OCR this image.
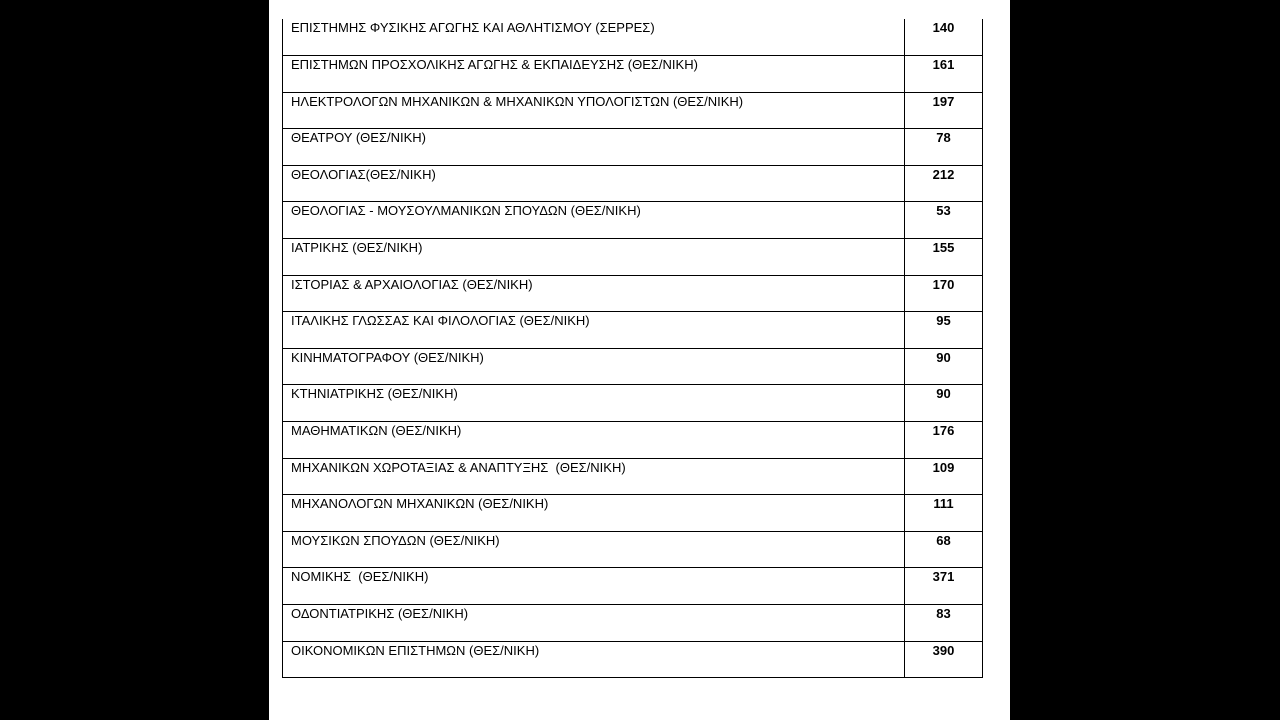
ΕΠΙΣΤΗΜΗΣ ΦΥΣΙΚΗΣ ΑΓΩΓΗΣ ΚΑΙ ΑΘΛΗΤΙΣΜΟΥ (ΣΕΡΡΕΣ)	140
ΕΠΙΣΤΗΜΩΝ ΠΡΟΣΧΟΛΙΚΗΣ ΑΓΩΓΗΣ & ΕΚΠΑΙΔΕΥΣΗΣ (ΘΕΣ/ΝΙΚΗ)	161
ΗΛΕΚΤΡΟΛΟΓΩΝ ΜΗΧΑΝΙΚΩΝ & ΜΗΧΑΝΙΚΩΝ ΥΠΟΛΟΓΙΣΤΩΝ (ΘΕΣ/ΝΙΚΗ)	197
ΘΕΑΤΡΟΥ (ΘΕΣ/ΝΙΚΗ)	78
ΘΕΟΛΟΓΙΑΣ(ΘΕΣ/ΝΙΚΗ)	212
ΘΕΟΛΟΓΙΑΣ - ΜΟΥΣΟΥΛΜΑΝΙΚΩΝ ΣΠΟΥΔΩΝ (ΘΕΣ/ΝΙΚΗ)	53
ΙΑΤΡΙΚΗΣ (ΘΕΣ/ΝΙΚΗ)	155
ΙΣΤΟΡΙΑΣ & ΑΡΧΑΙΟΛΟΓΙΑΣ (ΘΕΣ/ΝΙΚΗ)	170
ΙΤΑΛΙΚΗΣ ΓΛΩΣΣΑΣ ΚΑΙ ΦΙΛΟΛΟΓΙΑΣ (ΘΕΣ/ΝΙΚΗ)	95
ΚΙΝΗΜΑΤΟΓΡΑΦΟΥ (ΘΕΣ/ΝΙΚΗ)	90
ΚΤΗΝΙΑΤΡΙΚΗΣ (ΘΕΣ/ΝΙΚΗ)	90
ΜΑΘΗΜΑΤΙΚΩΝ (ΘΕΣ/ΝΙΚΗ)	176
ΜΗΧΑΝΙΚΩΝ ΧΩΡΟΤΑΞΙΑΣ & ΑΝΑΠΤΥΞΗΣ  (ΘΕΣ/ΝΙΚΗ)	109
ΜΗΧΑΝΟΛΟΓΩΝ ΜΗΧΑΝΙΚΩΝ (ΘΕΣ/ΝΙΚΗ)	111
ΜΟΥΣΙΚΩΝ ΣΠΟΥΔΩΝ (ΘΕΣ/ΝΙΚΗ)	68
ΝΟΜΙΚΗΣ  (ΘΕΣ/ΝΙΚΗ)	371
ΟΔΟΝΤΙΑΤΡΙΚΗΣ (ΘΕΣ/ΝΙΚΗ)	83
ΟΙΚΟΝΟΜΙΚΩΝ ΕΠΙΣΤΗΜΩΝ (ΘΕΣ/ΝΙΚΗ)	390
